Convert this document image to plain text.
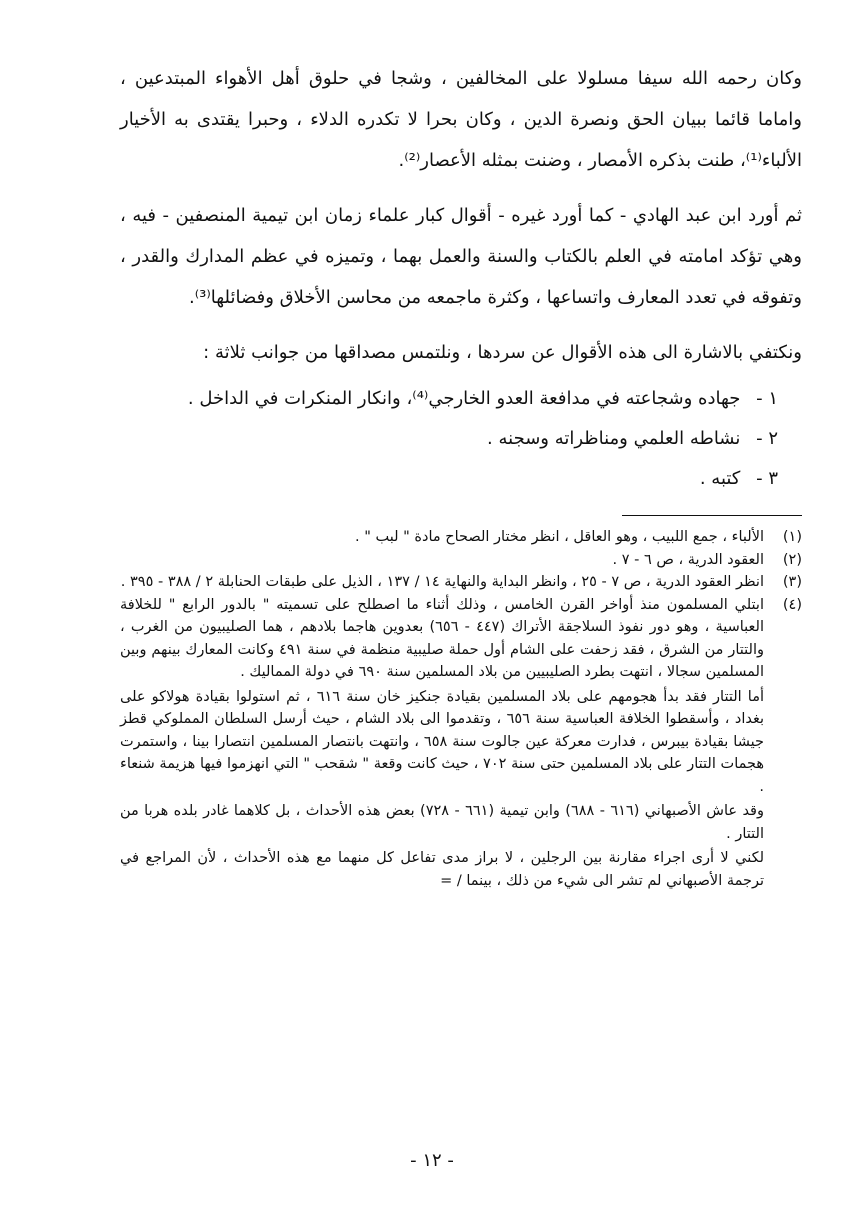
وكان رحمه الله سيفا مسلولا على المخالفين ، وشجا في حلوق أهل الأهواء المبتدعين ، واماما قائما ببيان الحق ونصرة الدين ، وكان بحرا لا تكدره الدلاء ، وحبرا يقتدى به الأخيار الألباء⁽¹⁾، طنت بذكره الأمصار ، وضنت بمثله الأعصار⁽²⁾.

ثم أورد ابن عبد الهادي - كما أورد غيره - أقوال كبار علماء زمان ابن تيمية المنصفين - فيه ، وهي تؤكد امامته في العلم بالكتاب والسنة والعمل بهما ، وتميزه في عظم المدارك والقدر ، وتفوقه في تعدد المعارف واتساعها ، وكثرة ماجمعه من محاسن الأخلاق وفضائلها⁽³⁾.

ونكتفي بالاشارة الى هذه الأقوال عن سردها ، ونلتمس مصداقها من جوانب ثلاثة :

١ - جهاده وشجاعته في مدافعة العدو الخارجي⁽⁴⁾، وانكار المنكرات في الداخل .
٢ - نشاطه العلمي ومناظراته وسجنه .
٣ - كتبه .
(١)

الألباء ، جمع اللبيب ، وهو العاقل ، انظر مختار الصحاح مادة " لبب " .

(٢)

العقود الدرية ، ص ٦ - ٧ .

(٣)

انظر العقود الدرية ، ص ٧ - ٢٥ ، وانظر البداية والنهاية ١٤ / ١٣٧ ، الذيل على طبقات الحنابلة ٢ / ٣٨٨ - ٣٩٥ .

(٤)

ابتلي المسلمون منذ أواخر القرن الخامس ، وذلك أثناء ما اصطلح على تسميته " بالدور الرابع " للخلافة العباسية ، وهو دور نفوذ السلاجقة الأتراك (٤٤٧ - ٦٥٦) بعدوين هاجما بلادهم ، هما الصليبيون من الغرب ، والتتار من الشرق ، فقد زحفت على الشام أول حملة صليبية منظمة في سنة ٤٩١ وكانت المعارك بينهم وبين المسلمين سجالا ، انتهت بطرد الصليبيين من بلاد المسلمين سنة ٦٩٠ في دولة المماليك .

أما التتار فقد بدأ هجومهم على بلاد المسلمين بقيادة جنكيز خان سنة ٦١٦ ، ثم استولوا بقيادة هولاكو على بغداد ، وأسقطوا الخلافة العباسية سنة ٦٥٦ ، وتقدموا الى بلاد الشام ، حيث أرسل السلطان المملوكي قطز جيشا بقيادة بيبرس ، فدارت معركة عين جالوت سنة ٦٥٨ ، وانتهت بانتصار المسلمين انتصارا بينا ، واستمرت هجمات التتار على بلاد المسلمين حتى سنة ٧٠٢ ، حيث كانت وقعة " شقحب " التي انهزموا فيها هزيمة شنعاء .

وقد عاش الأصبهاني (٦١٦ - ٦٨٨) وابن تيمية (٦٦١ - ٧٢٨) بعض هذه الأحداث ، بل كلاهما غادر بلده هربا من التتار .

لكني لا أرى اجراء مقارنة بين الرجلين ، لا براز مدى تفاعل كل منهما مع هذه الأحداث ، لأن المراجع في ترجمة الأصبهاني لم تشر الى شيء من ذلك ، بينما / =

- ١٢ -
